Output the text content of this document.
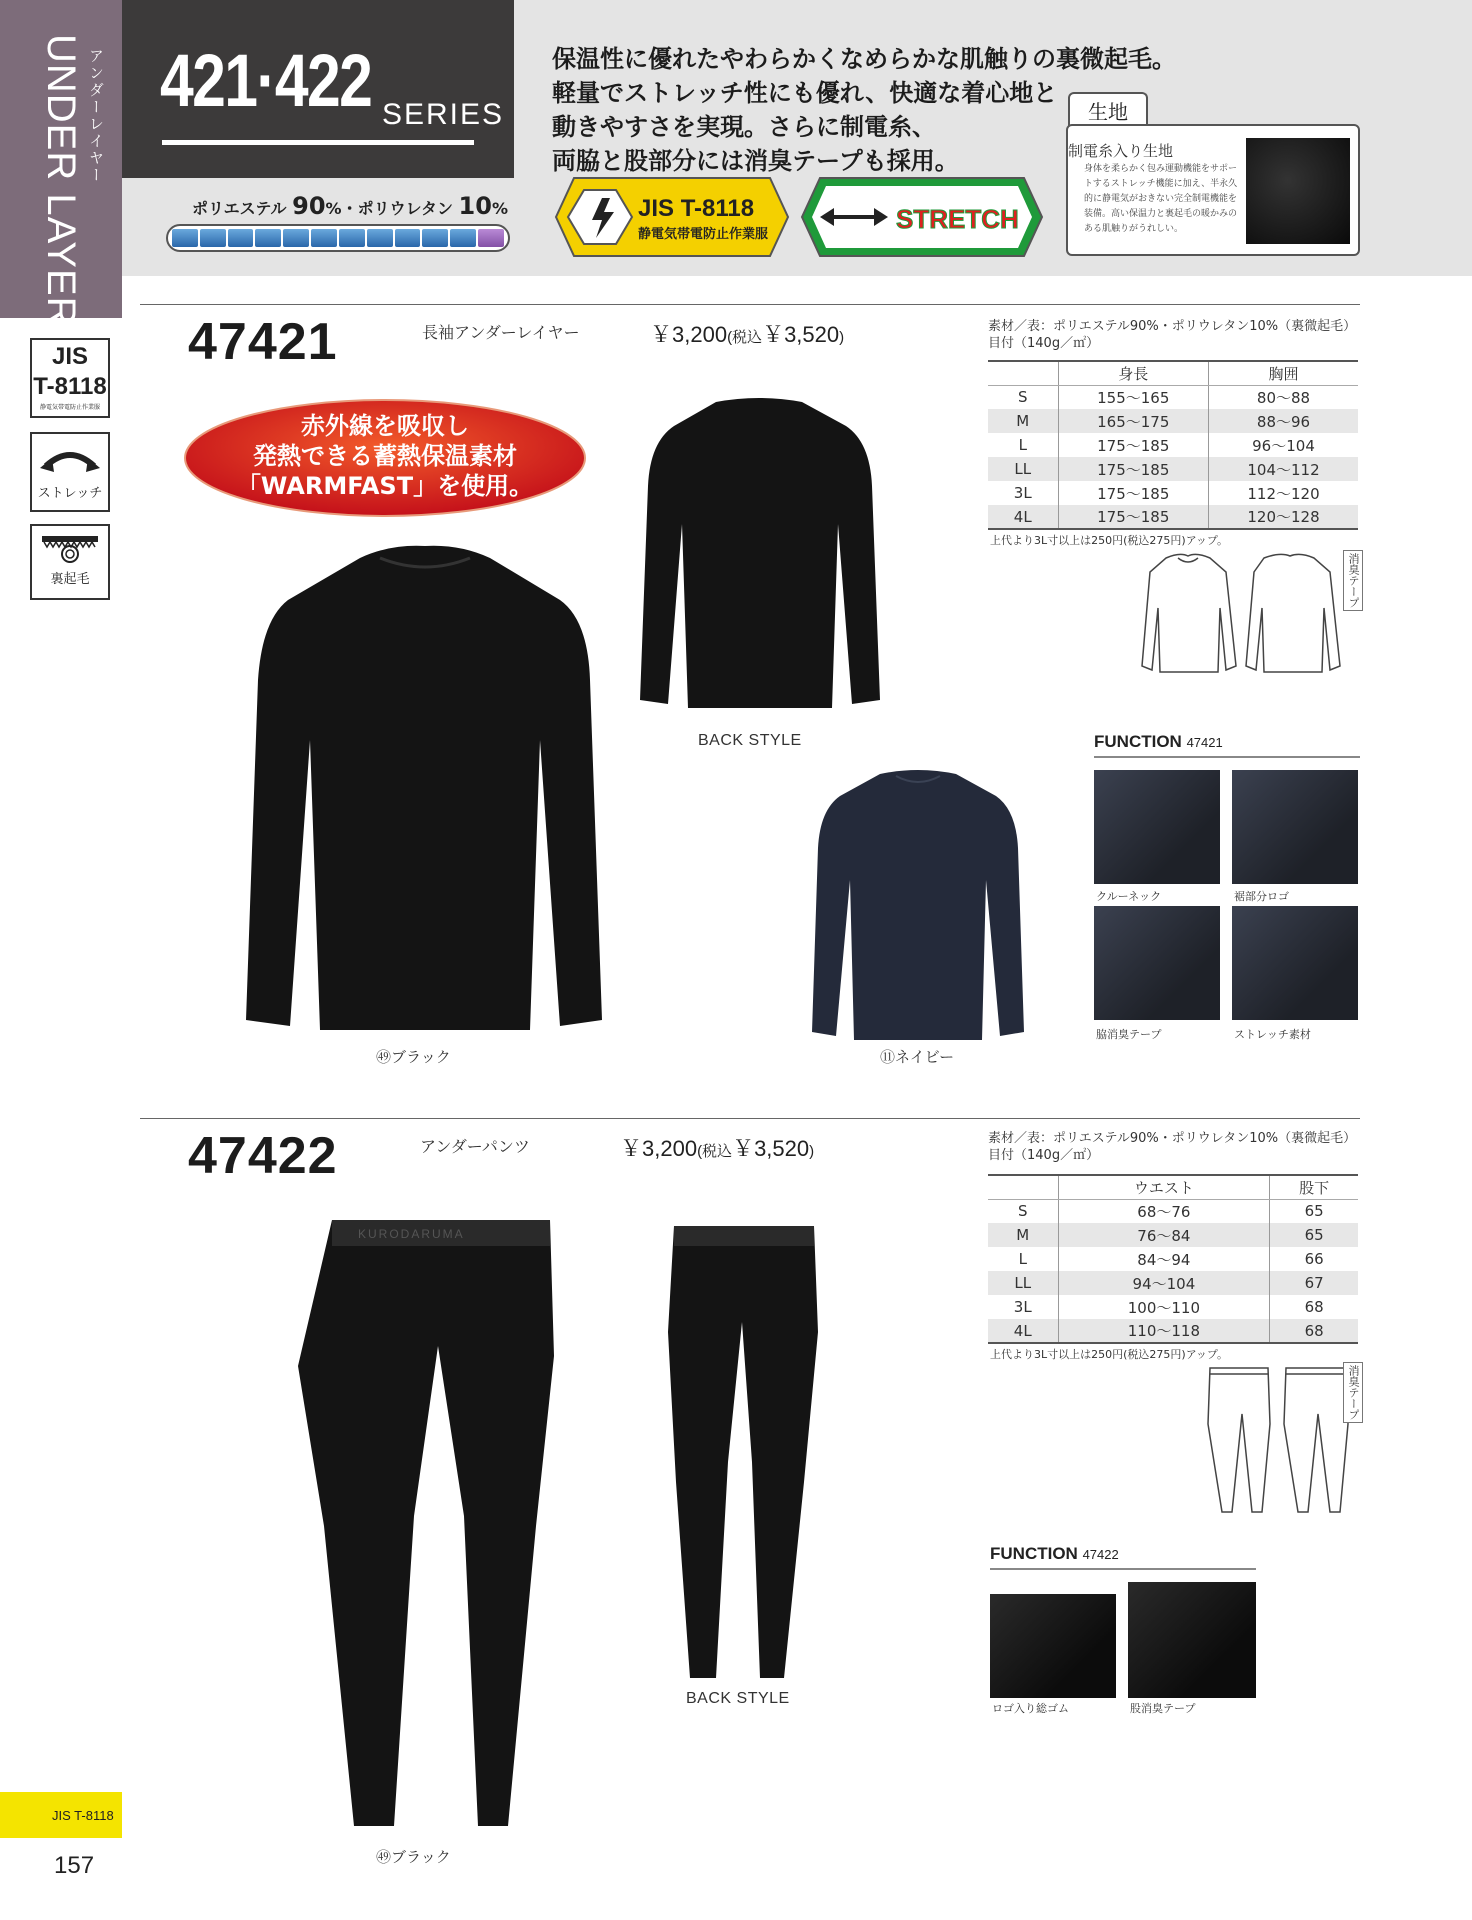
UNDER LAYER アンダーレイヤー
JIS
T-8118
静電気帯電防止作業服
ストレッチ
裏起毛
421·422 SERIES
ポリエステル 90%・ポリウレタン 10%
保温性に優れたやわらかくなめらかな肌触りの裏微起毛。
軽量でストレッチ性にも優れ、快適な着心地と
動きやすさを実現。さらに制電糸、
両脇と股部分には消臭テープも採用。
JIS T-8118
静電気帯電防止作業服
STRETCH
生地
制電糸入り生地
身体を柔らかく包み運動機能をサポートするストレッチ機能に加え、半永久的に静電気がおきない完全制電機能を装備。高い保温力と裏起毛の暖かみのある肌触りがうれしい。
47421	長袖アンダーレイヤー	￥3,200(税込￥3,520)
素材／表：ポリエステル90%・ポリウレタン10%（裏微起毛）
目付（140g／㎡）
	身長	胸囲
S	155〜165	80〜88
M	165〜175	88〜96
L	175〜185	96〜104
LL	175〜185	104〜112
3L	175〜185	112〜120
4L	175〜185	120〜128
上代より3L寸以上は250円(税込275円)アップ。
消臭テープ
赤外線を吸収し
発熱できる蓄熱保温素材
「WARMFAST」を使用。
㊾ブラック
BACK STYLE
⑪ネイビー
FUNCTION 47421
クルーネック	裾部分ロゴ
脇消臭テープ	ストレッチ素材
47422	アンダーパンツ	￥3,200(税込￥3,520)
素材／表：ポリエステル90%・ポリウレタン10%（裏微起毛）
目付（140g／㎡）
	ウエスト	股下
S	68〜76	65
M	76〜84	65
L	84〜94	66
LL	94〜104	67
3L	100〜110	68
4L	110〜118	68
上代より3L寸以上は250円(税込275円)アップ。
消臭テープ
KURODARUMA
㊾ブラック
BACK STYLE
FUNCTION 47422
ロゴ入り総ゴム	股消臭テープ
JIS T-8118
157
